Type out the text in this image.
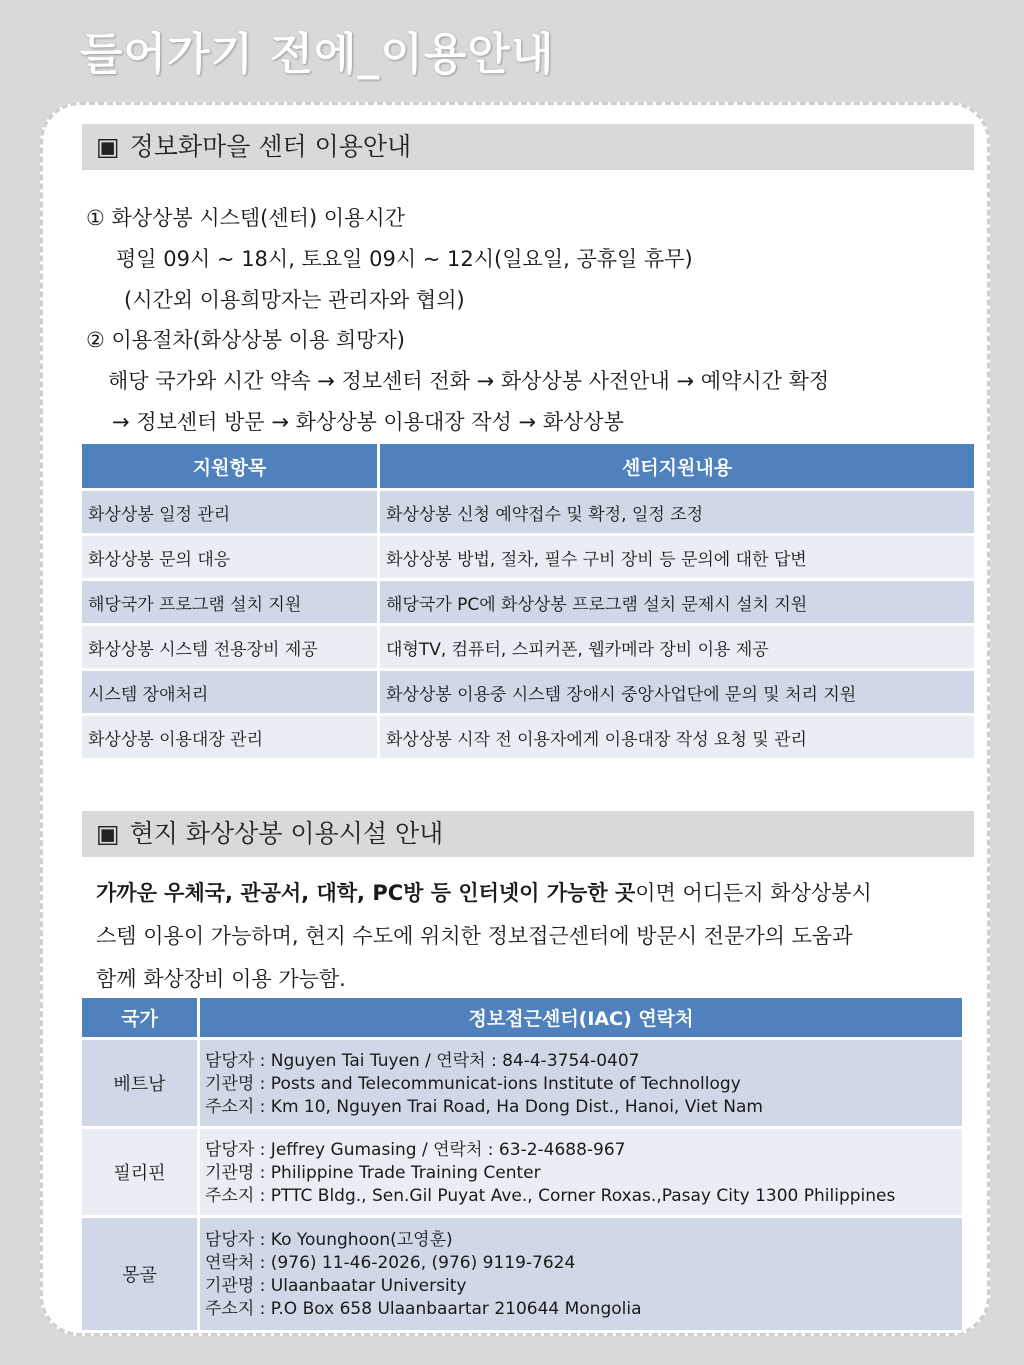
들어가기 전에_이용안내
▣ 정보화마을 센터 이용안내
① 화상상봉 시스템(센터) 이용시간
평일 09시 ~ 18시, 토요일 09시 ~ 12시(일요일, 공휴일 휴무)
(시간외 이용희망자는 관리자와 협의)
② 이용절차(화상상봉 이용 희망자)
해당 국가와 시간 약속 → 정보센터 전화 → 화상상봉 사전안내 → 예약시간 확정
→ 정보센터 방문 → 화상상봉 이용대장 작성 → 화상상봉
지원항목	센터지원내용
화상상봉 일정 관리	화상상봉 신청 예약접수 및 확정, 일정 조정
화상상봉 문의 대응	화상상봉 방법, 절차, 필수 구비 장비 등 문의에 대한 답변
해당국가 프로그램 설치 지원	해당국가 PC에 화상상봉 프로그램 설치 문제시 설치 지원
화상상봉 시스템 전용장비 제공	대형TV, 컴퓨터, 스피커폰, 웹카메라 장비 이용 제공
시스템 장애처리	화상상봉 이용중 시스템 장애시 중앙사업단에 문의 및 처리 지원
화상상봉 이용대장 관리	화상상봉 시작 전 이용자에게 이용대장 작성 요청 및 관리
▣ 현지 화상상봉 이용시설 안내
가까운 우체국, 관공서, 대학, PC방 등 인터넷이 가능한 곳이면 어디든지 화상상봉시
스템 이용이 가능하며, 현지 수도에 위치한 정보접근센터에 방문시 전문가의 도움과
함께 화상장비 이용 가능함.
국가	정보접근센터(IAC) 연락처
베트남	담당자 : Nguyen Tai Tuyen / 연락처 : 84-4-3754-0407
기관명 : Posts and Telecommunicat-ions Institute of Technollogy
주소지 : Km 10, Nguyen Trai Road, Ha Dong Dist., Hanoi, Viet Nam

필리핀	담당자 : Jeffrey Gumasing / 연락처 : 63-2-4688-967
기관명 : Philippine Trade Training Center
주소지 : PTTC Bldg., Sen.Gil Puyat Ave., Corner Roxas.,Pasay City 1300 Philippines

몽골	담당자 : Ko Younghoon(고영훈)
연락처 : (976) 11-46-2026, (976) 9119-7624
기관명 : Ulaanbaatar University
주소지 : P.O Box 658 Ulaanbaartar 210644 Mongolia
